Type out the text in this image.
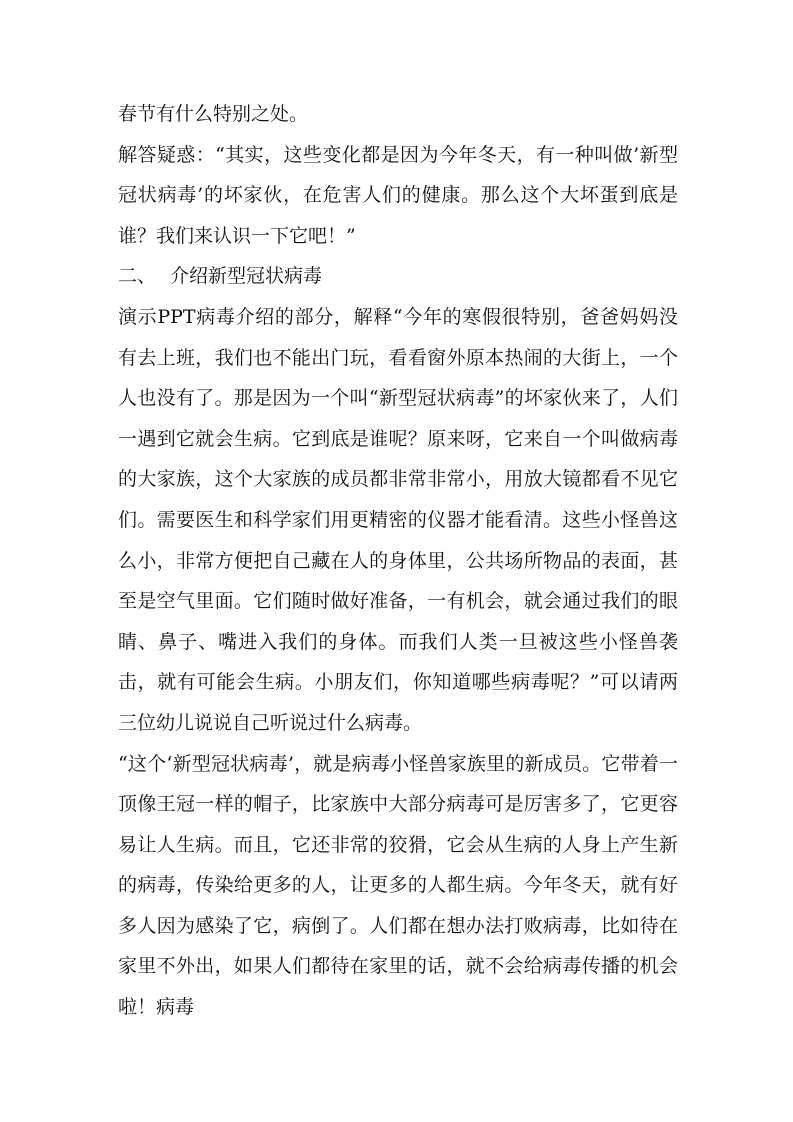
春节有什么特别之处。

解答疑惑：“其实，这些变化都是因为今年冬天，有一种叫做’新型冠状病毒’的坏家伙，在危害人们的健康。那么这个大坏蛋到底是谁？我们来认识一下它吧！”

二、 介绍新型冠状病毒

演示PPT病毒介绍的部分，解释“今年的寒假很特别，爸爸妈妈没有去上班，我们也不能出门玩，看看窗外原本热闹的大街上，一个人也没有了。那是因为一个叫“新型冠状病毒”的坏家伙来了，人们一遇到它就会生病。它到底是谁呢？原来呀，它来自一个叫做病毒的大家族，这个大家族的成员都非常非常小，用放大镜都看不见它们。需要医生和科学家们用更精密的仪器才能看清。这些小怪兽这么小，非常方便把自己藏在人的身体里，公共场所物品的表面，甚至是空气里面。它们随时做好准备，一有机会，就会通过我们的眼睛、鼻子、嘴进入我们的身体。而我们人类一旦被这些小怪兽袭击，就有可能会生病。小朋友们，你知道哪些病毒呢？”可以请两三位幼儿说说自己听说过什么病毒。

“这个‘新型冠状病毒’，就是病毒小怪兽家族里的新成员。它带着一顶像王冠一样的帽子，比家族中大部分病毒可是厉害多了，它更容易让人生病。而且，它还非常的狡猾，它会从生病的人身上产生新的病毒，传染给更多的人，让更多的人都生病。今年冬天，就有好多人因为感染了它，病倒了。人们都在想办法打败病毒，比如待在家里不外出，如果人们都待在家里的话，就不会给病毒传播的机会啦！病毒
